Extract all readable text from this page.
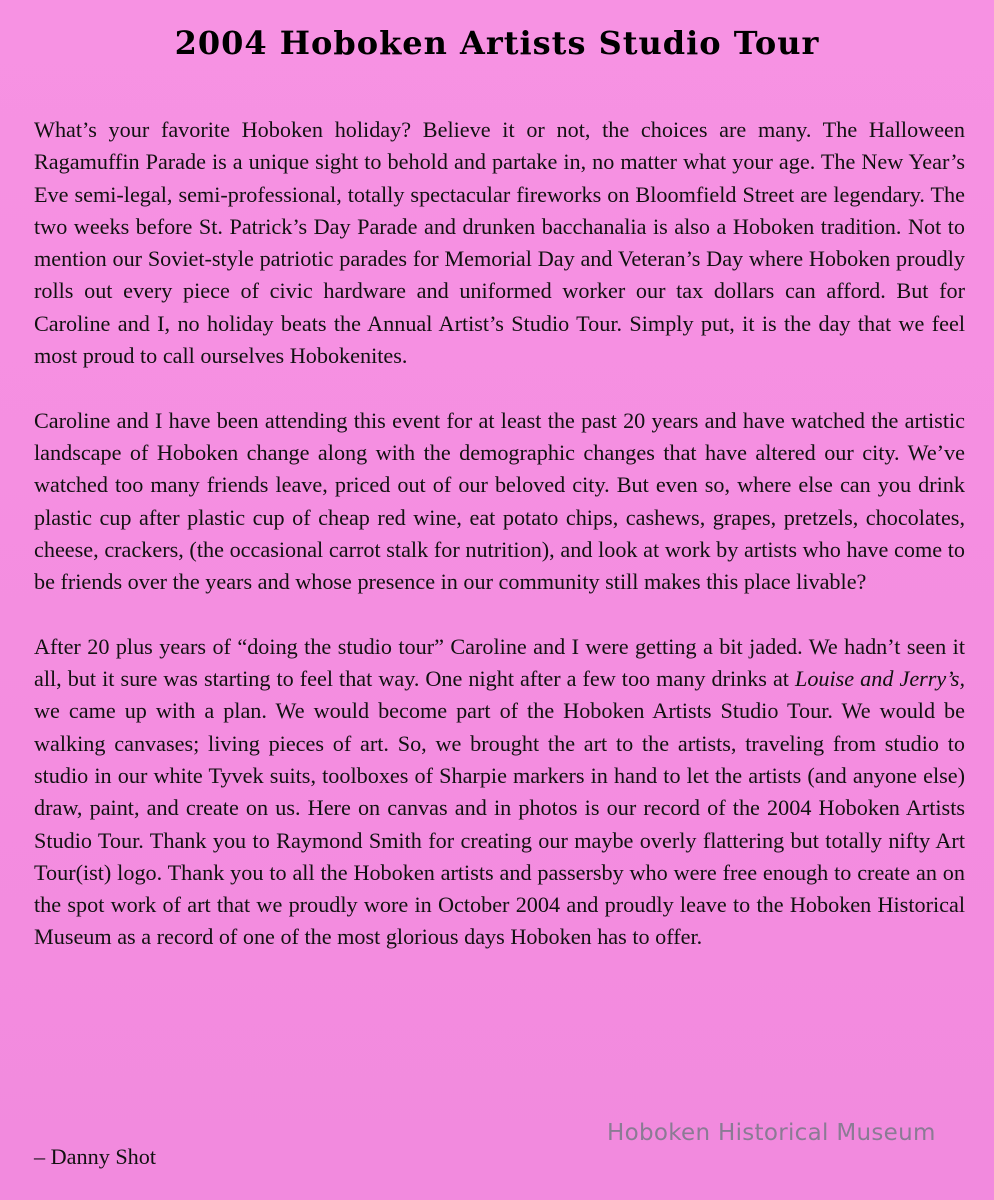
2004 Hoboken Artists Studio Tour

What’s your favorite Hoboken holiday? Believe it or not, the choices are many. The Halloween Ragamuffin Parade is a unique sight to behold and partake in, no matter what your age. The New Year’s Eve semi-legal, semi-professional, totally spectacular fireworks on Bloomfield Street are legendary. The two weeks before St. Patrick’s Day Parade and drunken bacchanalia is also a Hoboken tradition. Not to mention our Soviet-style patriotic parades for Memorial Day and Veteran’s Day where Hoboken proudly rolls out every piece of civic hardware and uniformed worker our tax dollars can afford. But for Caroline and I, no holiday beats the Annual Artist’s Studio Tour. Simply put, it is the day that we feel most proud to call ourselves Hobokenites.

Caroline and I have been attending this event for at least the past 20 years and have watched the artistic landscape of Hoboken change along with the demographic changes that have altered our city. We’ve watched too many friends leave, priced out of our beloved city. But even so, where else can you drink plastic cup after plastic cup of cheap red wine, eat potato chips, cashews, grapes, pretzels, chocolates, cheese, crackers, (the occasional carrot stalk for nutrition), and look at work by artists who have come to be friends over the years and whose presence in our community still makes this place livable?

After 20 plus years of “doing the studio tour” Caroline and I were getting a bit jaded. We hadn’t seen it all, but it sure was starting to feel that way. One night after a few too many drinks at Louise and Jerry’s, we came up with a plan. We would become part of the Hoboken Artists Studio Tour. We would be walking canvases; living pieces of art. So, we brought the art to the artists, traveling from studio to studio in our white Tyvek suits, toolboxes of Sharpie markers in hand to let the artists (and anyone else) draw, paint, and create on us. Here on canvas and in photos is our record of the 2004 Hoboken Artists Studio Tour. Thank you to Raymond Smith for creating our maybe overly flattering but totally nifty Art Tour(ist) logo. Thank you to all the Hoboken artists and passersby who were free enough to create an on the spot work of art that we proudly wore in October 2004 and proudly leave to the Hoboken Historical Museum as a record of one of the most glorious days Hoboken has to offer.

Hoboken Historical Museum
– Danny Shot
